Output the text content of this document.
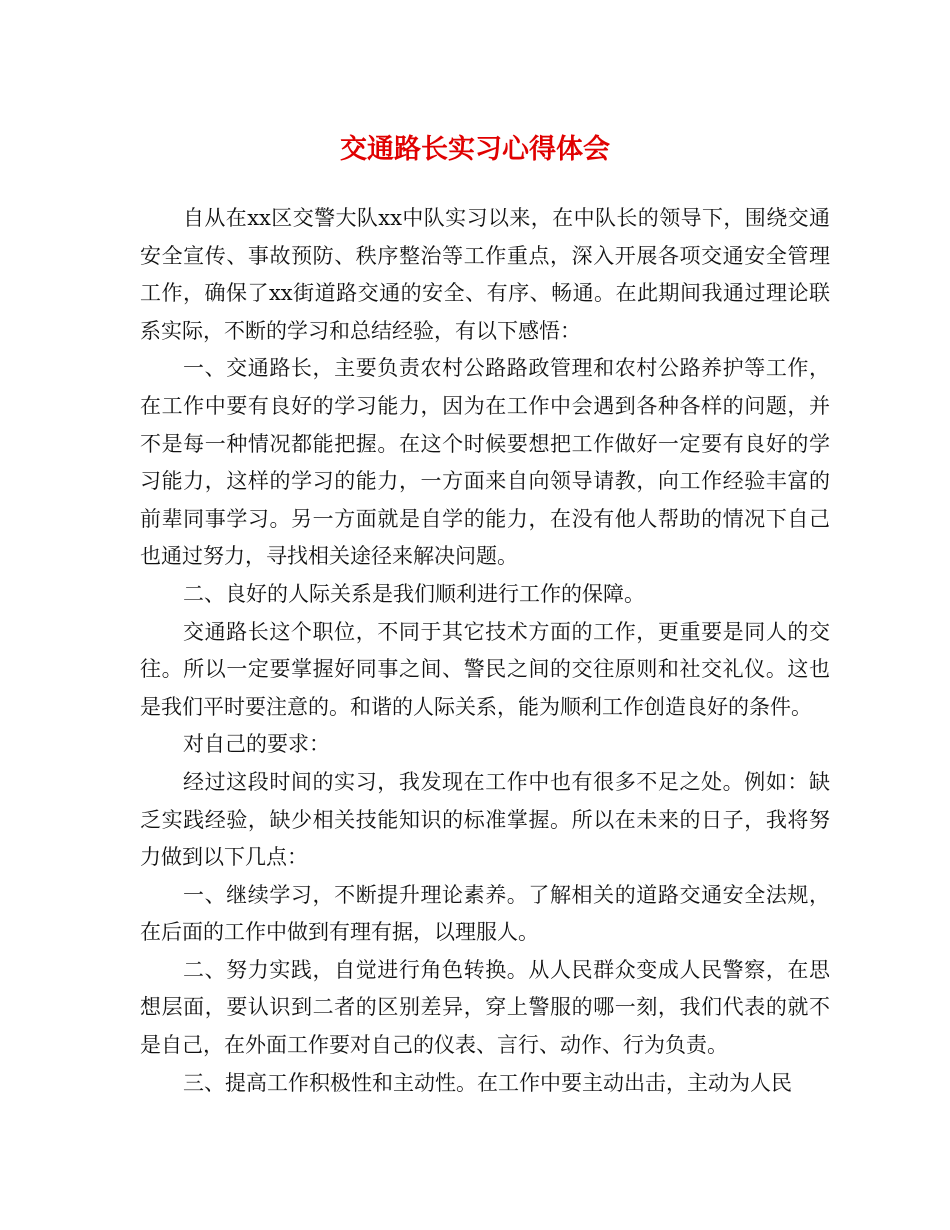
交通路长实习心得体会

自从在xx区交警大队xx中队实习以来，在中队长的领导下，围绕交通安全宣传、事故预防、秩序整治等工作重点，深入开展各项交通安全管理工作，确保了xx街道路交通的安全、有序、畅通。在此期间我通过理论联系实际，不断的学习和总结经验，有以下感悟：

一、交通路长，主要负责农村公路路政管理和农村公路养护等工作，在工作中要有良好的学习能力，因为在工作中会遇到各种各样的问题，并不是每一种情况都能把握。在这个时候要想把工作做好一定要有良好的学习能力，这样的学习的能力，一方面来自向领导请教，向工作经验丰富的前辈同事学习。另一方面就是自学的能力，在没有他人帮助的情况下自己也通过努力，寻找相关途径来解决问题。

二、良好的人际关系是我们顺利进行工作的保障。

交通路长这个职位，不同于其它技术方面的工作，更重要是同人的交往。所以一定要掌握好同事之间、警民之间的交往原则和社交礼仪。这也是我们平时要注意的。和谐的人际关系，能为顺利工作创造良好的条件。

对自己的要求：

经过这段时间的实习，我发现在工作中也有很多不足之处。例如：缺乏实践经验，缺少相关技能知识的标准掌握。所以在未来的日子，我将努力做到以下几点：

一、继续学习，不断提升理论素养。了解相关的道路交通安全法规，在后面的工作中做到有理有据，以理服人。

二、努力实践，自觉进行角色转换。从人民群众变成人民警察，在思想层面，要认识到二者的区别差异，穿上警服的哪一刻，我们代表的就不是自己，在外面工作要对自己的仪表、言行、动作、行为负责。

三、提高工作积极性和主动性。在工作中要主动出击，主动为人民
